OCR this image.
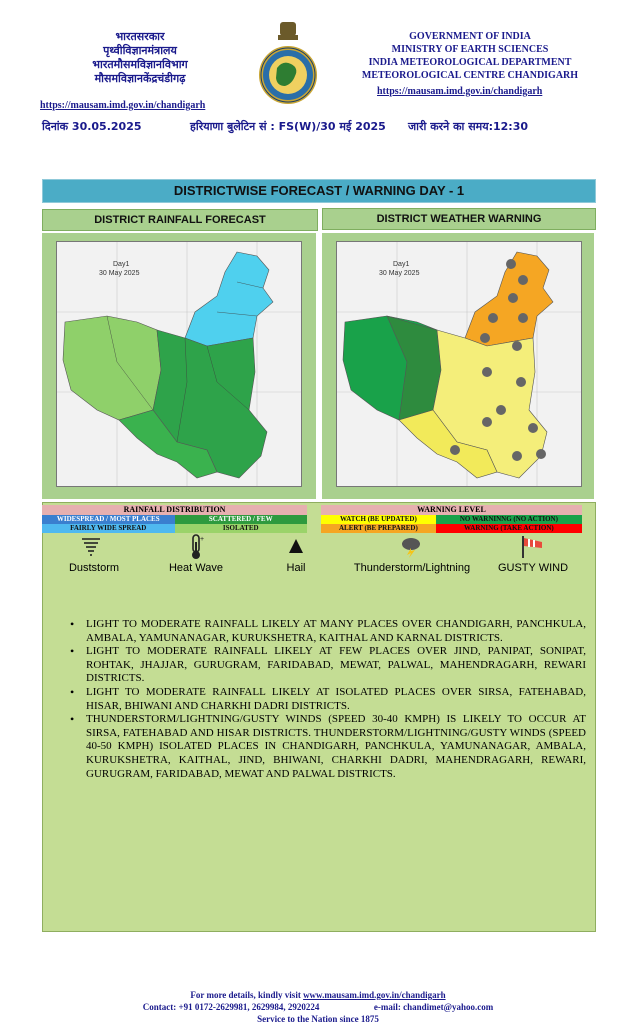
भारतसरकार
पृथ्वीविज्ञानमंत्रालय
भारतमौसमविज्ञानविभाग
मौसमविज्ञानकेंद्रचंडीगढ़
https://mausam.imd.gov.in/chandigarh
GOVERNMENT OF INDIA
MINISTRY OF EARTH SCIENCES
INDIA METEOROLOGICAL DEPARTMENT
METEOROLOGICAL CENTRE CHANDIGARH
https://mausam.imd.gov.in/chandigarh
दिनांक 30.05.2025	हरियाणा बुलेटिन सं : FS(W)/30 मई 2025 जारी करने का समय:12:30
DISTRICTWISE FORECAST / WARNING DAY - 1
DISTRICT RAINFALL FORECAST	DISTRICT WEATHER WARNING
Day1
30 May 2025
Day1
30 May 2025
RAINFALL DISTRIBUTION
WIDESPREAD / MOST PLACES	SCATTERED / FEW
FAIRLY WIDE SPREAD	ISOLATED
WARNING LEVEL
WATCH (BE UPDATED)	NO WARNINNG (NO ACTION)
ALERT (BE PREPARED)	WARNING (TAKE ACTION)
Duststorm
+
Heat Wave	Hail	Thunderstorm/Lightning	GUSTY WIND
• LIGHT TO MODERATE RAINFALL LIKELY AT MANY PLACES OVER CHANDIGARH, PANCHKULA, AMBALA, YAMUNANAGAR, KURUKSHETRA, KAITHAL AND KARNAL DISTRICTS.
• LIGHT TO MODERATE RAINFALL LIKELY AT FEW PLACES OVER JIND, PANIPAT, SONIPAT, ROHTAK, JHAJJAR, GURUGRAM, FARIDABAD, MEWAT, PALWAL, MAHENDRAGARH, REWARI DISTRICTS.
• LIGHT TO MODERATE RAINFALL LIKELY AT ISOLATED PLACES OVER SIRSA, FATEHABAD, HISAR, BHIWANI AND CHARKHI DADRI DISTRICTS.
• THUNDERSTORM/LIGHTNING/GUSTY WINDS (SPEED 30-40 KMPH) IS LIKELY TO OCCUR AT SIRSA, FATEHABAD AND HISAR DISTRICTS. THUNDERSTORM/LIGHTNING/GUSTY WINDS (SPEED 40-50 KMPH) ISOLATED PLACES IN CHANDIGARH, PANCHKULA, YAMUNANAGAR, AMBALA, KURUKSHETRA, KAITHAL, JIND, BHIWANI, CHARKHI DADRI, MAHENDRAGARH, REWARI, GURUGRAM, FARIDABAD, MEWAT AND PALWAL DISTRICTS.
For more details, kindly visit www.mausam.imd.gov.in/chandigarh
Contact: +91 0172-2629981, 2629984, 2920224	e-mail: chandimet@yahoo.com
Service to the Nation since 1875
